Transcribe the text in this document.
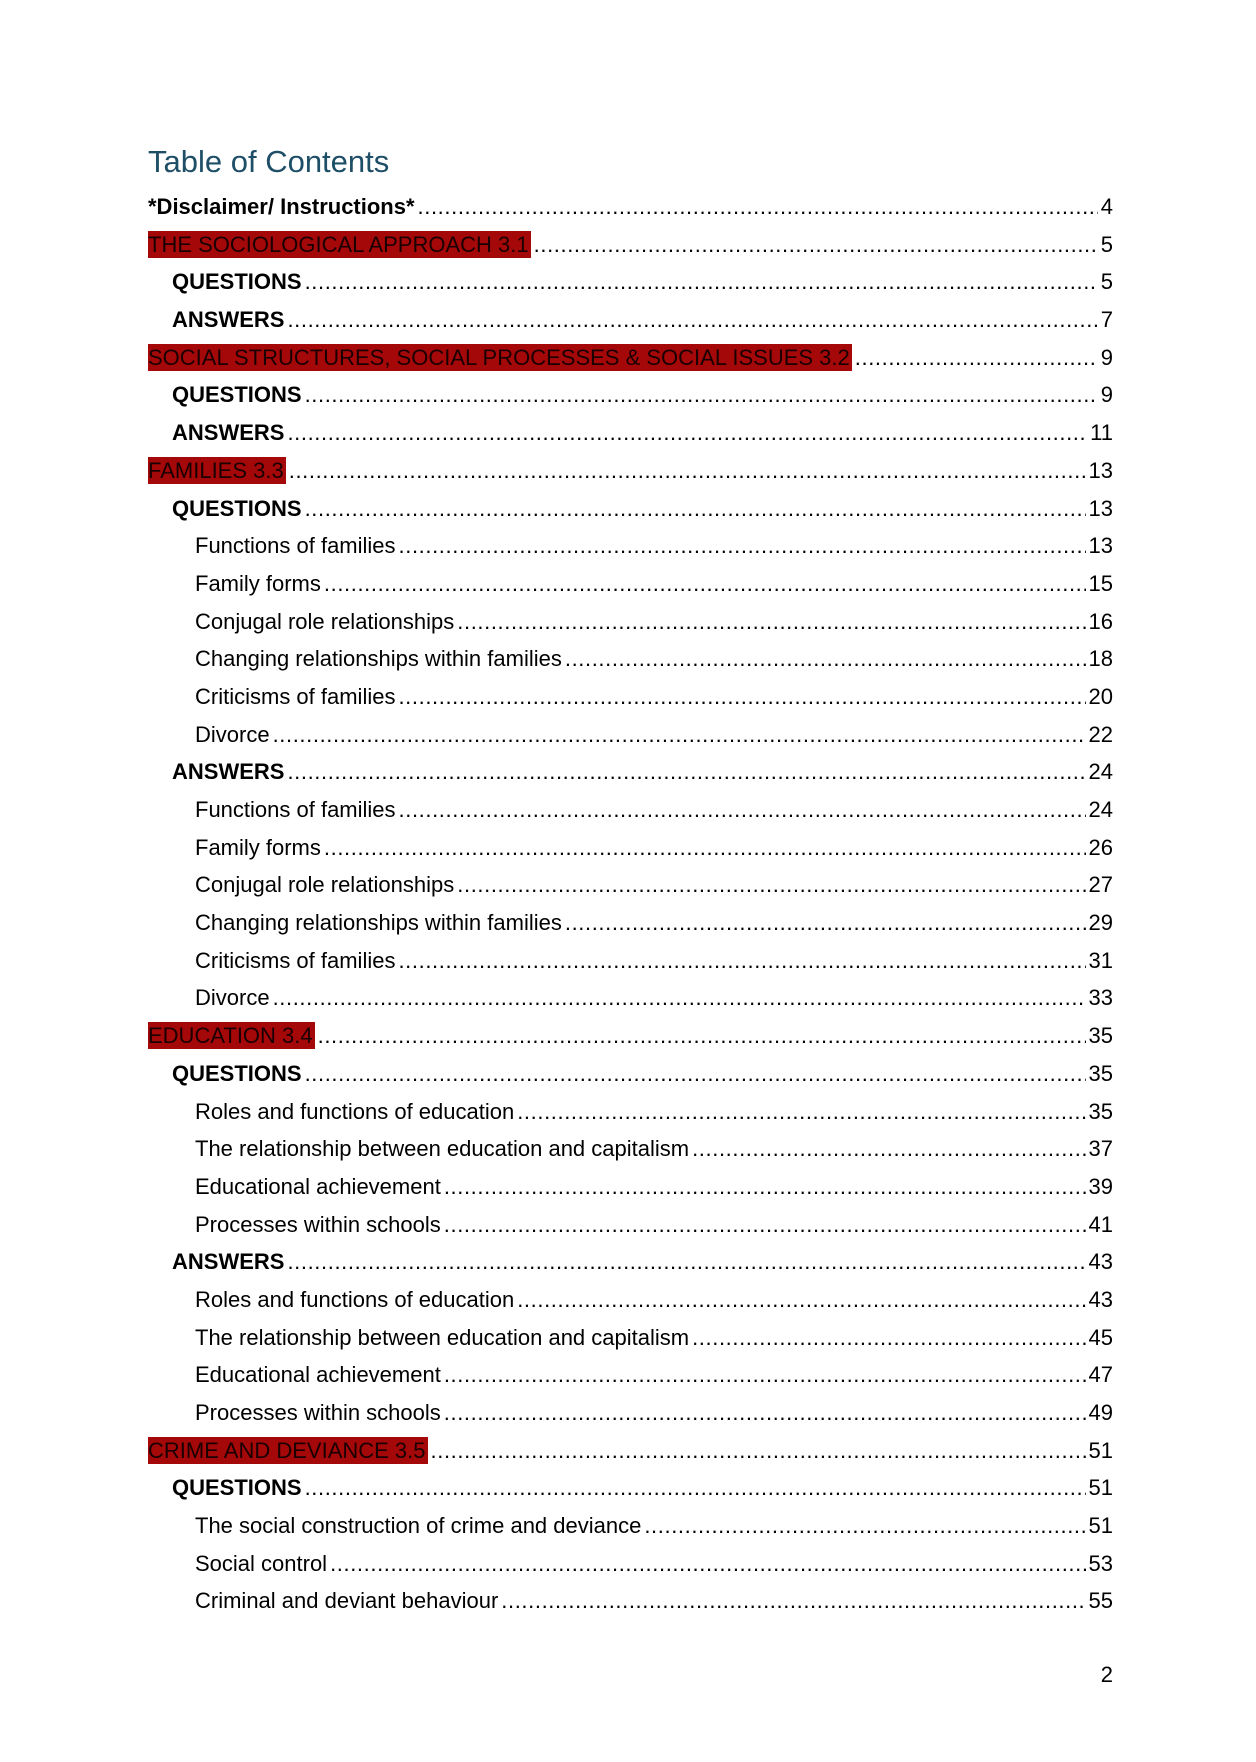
Table of Contents
*Disclaimer/ Instructions* .....	4
THE SOCIOLOGICAL APPROACH 3.1 .....	5
QUESTIONS .....	5
ANSWERS .....	7
SOCIAL STRUCTURES, SOCIAL PROCESSES & SOCIAL ISSUES 3.2 .....	9
QUESTIONS .....	9
ANSWERS .....	11
FAMILIES 3.3 .....	13
QUESTIONS .....	13
Functions of families .....	13
Family forms .....	15
Conjugal role relationships .....	16
Changing relationships within families .....	18
Criticisms of families .....	20
Divorce .....	22
ANSWERS .....	24
Functions of families .....	24
Family forms .....	26
Conjugal role relationships .....	27
Changing relationships within families .....	29
Criticisms of families .....	31
Divorce .....	33
EDUCATION 3.4 .....	35
QUESTIONS .....	35
Roles and functions of education .....	35
The relationship between education and capitalism .....	37
Educational achievement .....	39
Processes within schools .....	41
ANSWERS .....	43
Roles and functions of education .....	43
The relationship between education and capitalism .....	45
Educational achievement .....	47
Processes within schools .....	49
CRIME AND DEVIANCE 3.5 .....	51
QUESTIONS .....	51
The social construction of crime and deviance .....	51
Social control .....	53
Criminal and deviant behaviour .....	55
2
